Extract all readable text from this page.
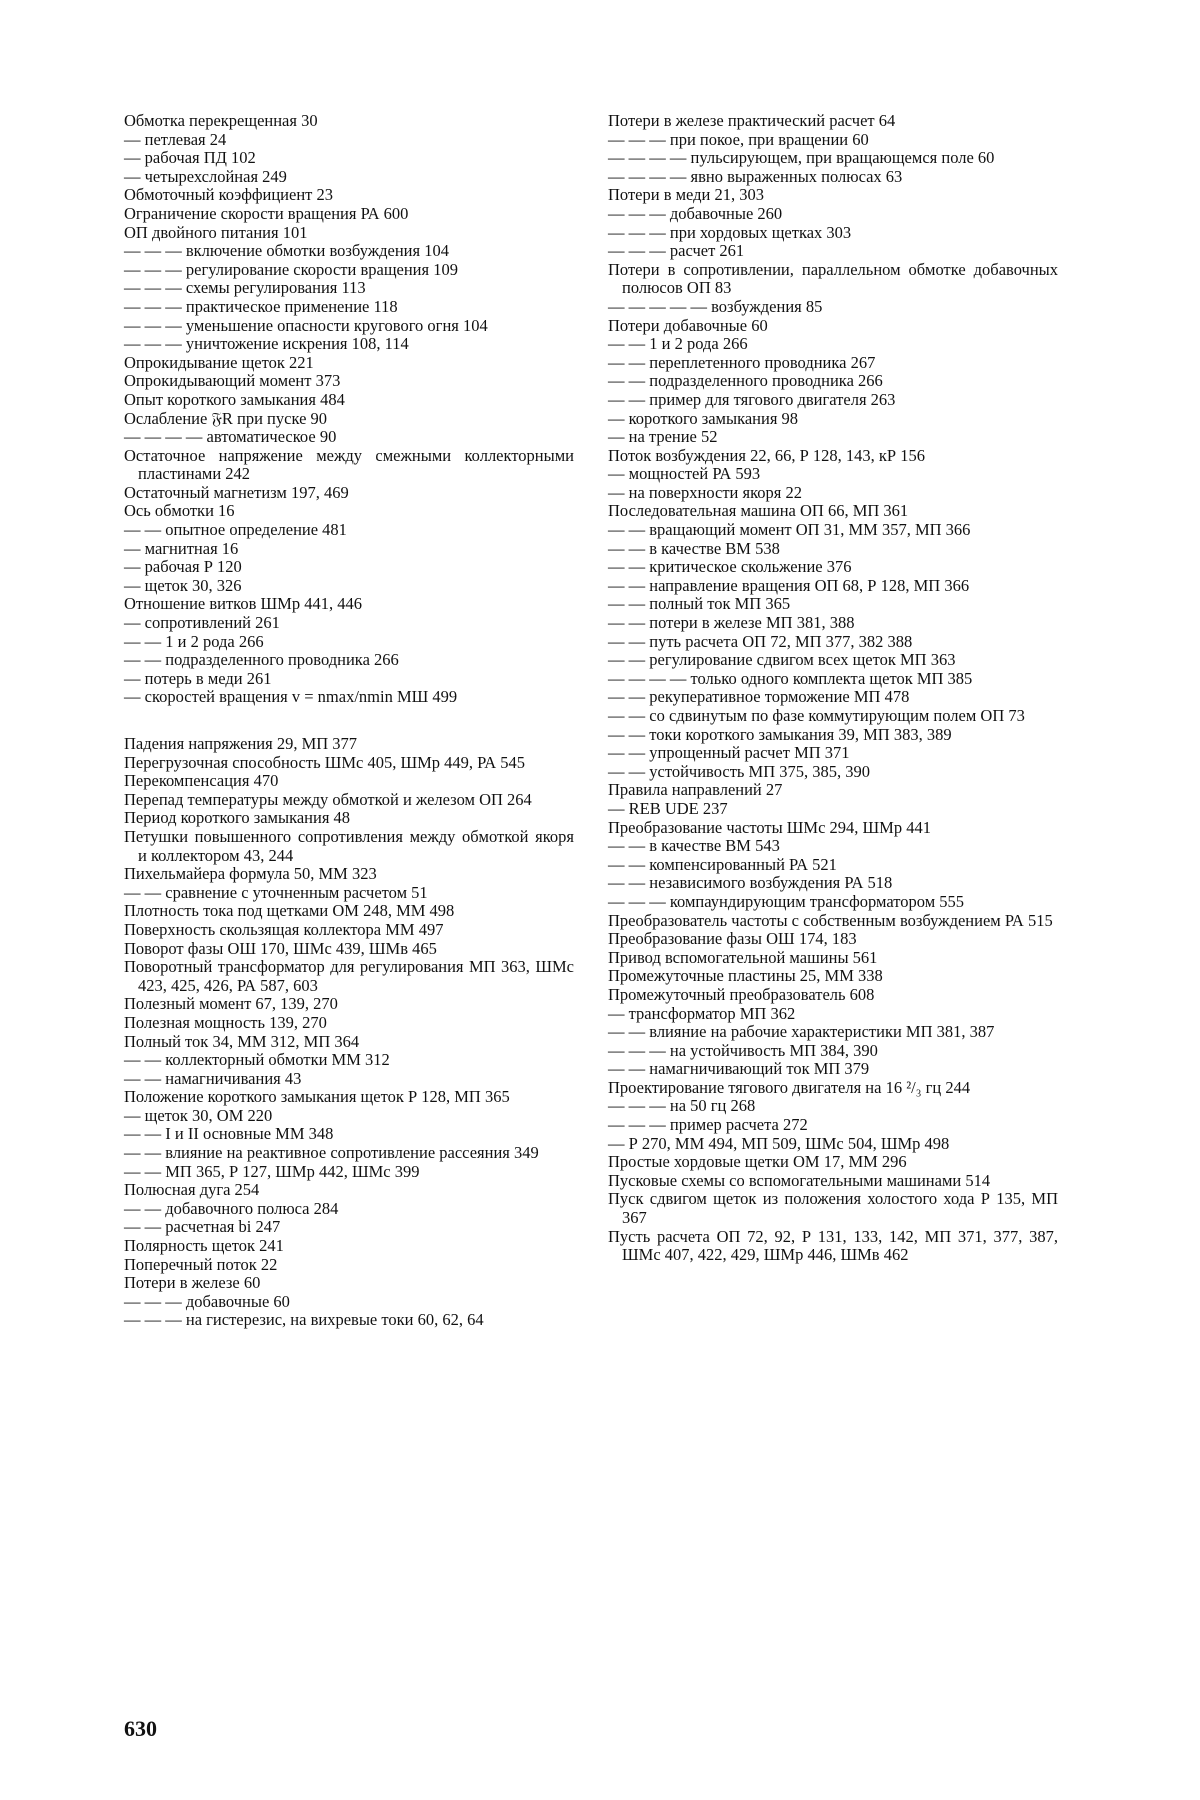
Обмотка перекрещенная 30
— петлевая 24
— рабочая ПД 102
— четырехслойная 249
Обмоточный коэффициент 23
Ограничение скорости вращения РА 600
ОП двойного питания 101
— — — включение обмотки возбуждения 104
— — — регулирование скорости вращения 109
— — — схемы регулирования 113
— — — практическое применение 118
— — — уменьшение опасности кругового огня 104
— — — уничтожение искрения 108, 114
Опрокидывание щеток 221
Опрокидывающий момент 373
Опыт короткого замыкания 484
Ослабление 𝔉R при пуске 90
— — — — автоматическое 90
Остаточное напряжение между смежными коллекторными пластинами 242
Остаточный магнетизм 197, 469
Ось обмотки 16
— — опытное определение 481
— магнитная 16
— рабочая Р 120
— щеток 30, 326
Отношение витков ШМр 441, 446
— сопротивлений 261
— — 1 и 2 рода 266
— — подразделенного проводника 266
— потерь в меди 261
— скоростей вращения v = nmax/nmin МШ 499
Падения напряжения 29, МП 377
Перегрузочная способность ШМс 405, ШМр 449, РА 545
Перекомпенсация 470
Перепад температуры между обмоткой и железом ОП 264
Период короткого замыкания 48
Петушки повышенного сопротивления между обмоткой якоря и коллектором 43, 244
Пихельмайера формула 50, ММ 323
— — сравнение с уточненным расчетом 51
Плотность тока под щетками ОМ 248, ММ 498
Поверхность скользящая коллектора ММ 497
Поворот фазы ОШ 170, ШМс 439, ШМв 465
Поворотный трансформатор для регулирования МП 363, ШМс 423, 425, 426, РА 587, 603
Полезный момент 67, 139, 270
Полезная мощность 139, 270
Полный ток 34, ММ 312, МП 364
— — коллекторный обмотки ММ 312
— — намагничивания 43
Положение короткого замыкания щеток Р 128, МП 365
— щеток 30, ОМ 220
— — I и II основные ММ 348
— — влияние на реактивное сопротивление рассеяния 349
— — МП 365, Р 127, ШМр 442, ШМс 399
Полюсная дуга 254
— — добавочного полюса 284
— — расчетная bi 247
Полярность щеток 241
Поперечный поток 22
Потери в железе 60
— — — добавочные 60
— — — на гистерезис, на вихревые токи 60, 62, 64
Потери в железе практический расчет 64
— — — при покое, при вращении 60
— — — — пульсирующем, при вращающемся поле 60
— — — — явно выраженных полюсах 63
Потери в меди 21, 303
— — — добавочные 260
— — — при хордовых щетках 303
— — — расчет 261
Потери в сопротивлении, параллельном обмотке добавочных полюсов ОП 83
— — — — — возбуждения 85
Потери добавочные 60
— — 1 и 2 рода 266
— — переплетенного проводника 267
— — подразделенного проводника 266
— — пример для тягового двигателя 263
— короткого замыкания 98
— на трение 52
Поток возбуждения 22, 66, Р 128, 143, кР 156
— мощностей РА 593
— на поверхности якоря 22
Последовательная машина ОП 66, МП 361
— — вращающий момент ОП 31, ММ 357, МП 366
— — в качестве ВМ 538
— — критическое скольжение 376
— — направление вращения ОП 68, Р 128, МП 366
— — полный ток МП 365
— — потери в железе МП 381, 388
— — путь расчета ОП 72, МП 377, 382 388
— — регулирование сдвигом всех щеток МП 363
— — — — только одного комплекта щеток МП 385
— — рекуперативное торможение МП 478
— — со сдвинутым по фазе коммутирующим полем ОП 73
— — токи короткого замыкания 39, МП 383, 389
— — упрощенный расчет МП 371
— — устойчивость МП 375, 385, 390
Правила направлений 27
— REB UDE 237
Преобразование частоты ШМс 294, ШМр 441
— — в качестве ВМ 543
— — компенсированный РА 521
— — независимого возбуждения РА 518
— — — компаундирующим трансформатором 555
Преобразователь частоты с собственным возбуждением РА 515
Преобразование фазы ОШ 174, 183
Привод вспомогательной машины 561
Промежуточные пластины 25, ММ 338
Промежуточный преобразователь 608
— трансформатор МП 362
— — влияние на рабочие характеристики МП 381, 387
— — — на устойчивость МП 384, 390
— — намагничивающий ток МП 379
Проектирование тягового двигателя на 16 ²/₃ гц 244
— — — на 50 гц 268
— — — пример расчета 272
— Р 270, ММ 494, МП 509, ШМс 504, ШМр 498
Простые хордовые щетки ОМ 17, ММ 296
Пусковые схемы со вспомогательными машинами 514
Пуск сдвигом щеток из положения холостого хода Р 135, МП 367
Пусть расчета ОП 72, 92, Р 131, 133, 142, МП 371, 377, 387, ШМс 407, 422, 429, ШМр 446, ШМв 462
630
